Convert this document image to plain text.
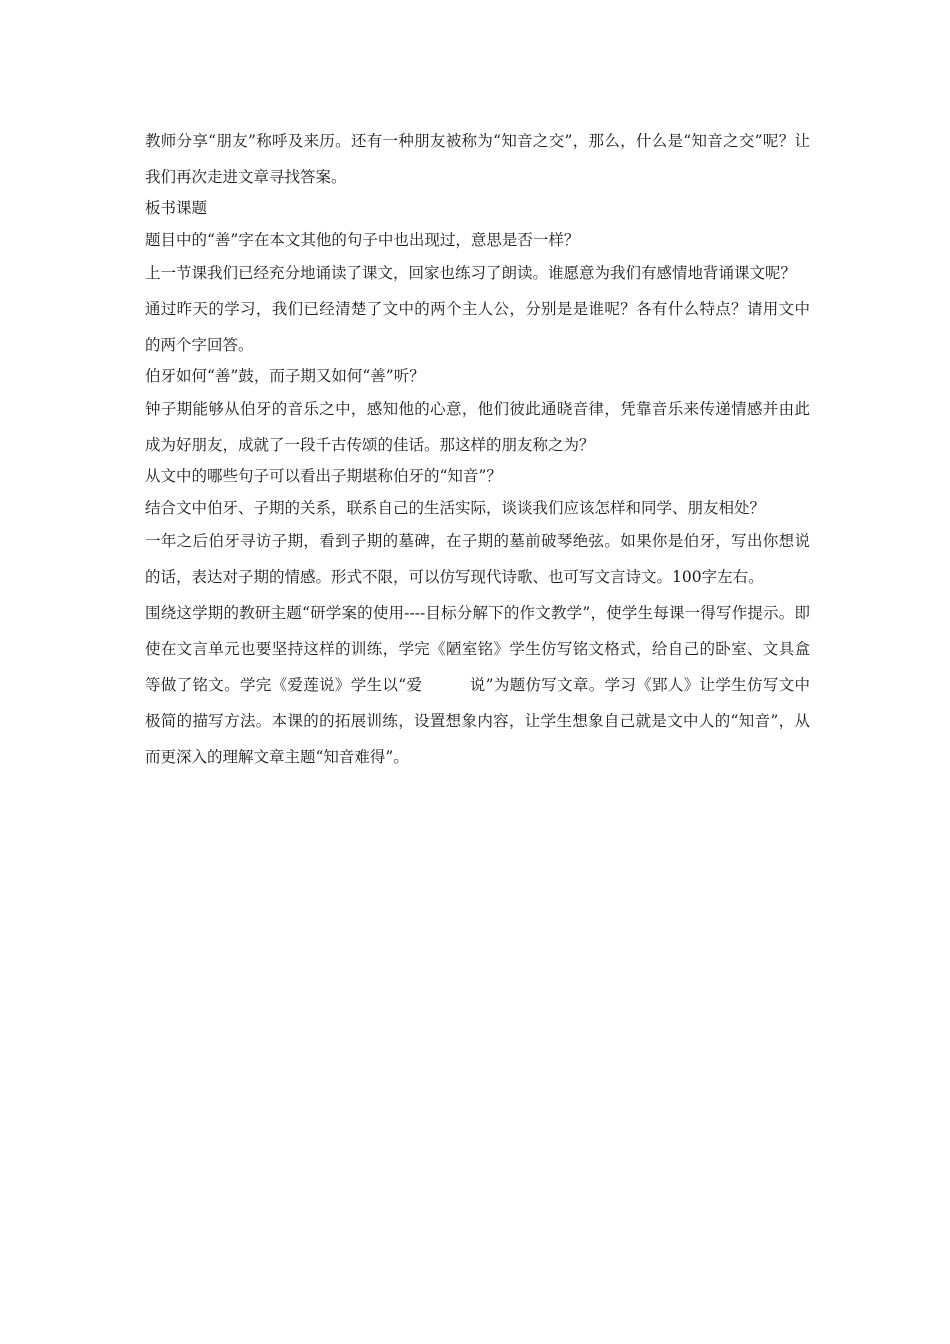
教师分享“朋友”称呼及来历。还有一种朋友被称为“知音之交”，那么，什么是“知音之交”呢？让我们再次走进文章寻找答案。

板书课题

题目中的“善”字在本文其他的句子中也出现过，意思是否一样？

上一节课我们已经充分地诵读了课文，回家也练习了朗读。谁愿意为我们有感情地背诵课文呢？

通过昨天的学习，我们已经清楚了文中的两个主人公，分别是是谁呢？各有什么特点？请用文中的两个字回答。

伯牙如何“善”鼓，而子期又如何“善”听？

钟子期能够从伯牙的音乐之中，感知他的心意，他们彼此通晓音律，凭靠音乐来传递情感并由此成为好朋友，成就了一段千古传颂的佳话。那这样的朋友称之为？

从文中的哪些句子可以看出子期堪称伯牙的“知音”？

结合文中伯牙、子期的关系，联系自己的生活实际，谈谈我们应该怎样和同学、朋友相处？

一年之后伯牙寻访子期，看到子期的墓碑，在子期的墓前破琴绝弦。如果你是伯牙，写出你想说的话，表达对子期的情感。形式不限，可以仿写现代诗歌、也可写文言诗文。100字左右。

围绕这学期的教研主题“研学案的使用----目标分解下的作文教学”，使学生每课一得写作提示。即使在文言单元也要坚持这样的训练，学完《陋室铭》学生仿写铭文格式，给自己的卧室、文具盒等做了铭文。学完《爱莲说》学生以“爱　　　说”为题仿写文章。学习《郢人》让学生仿写文中极简的描写方法。本课的的拓展训练，设置想象内容，让学生想象自己就是文中人的“知音”，从而更深入的理解文章主题“知音难得”。
